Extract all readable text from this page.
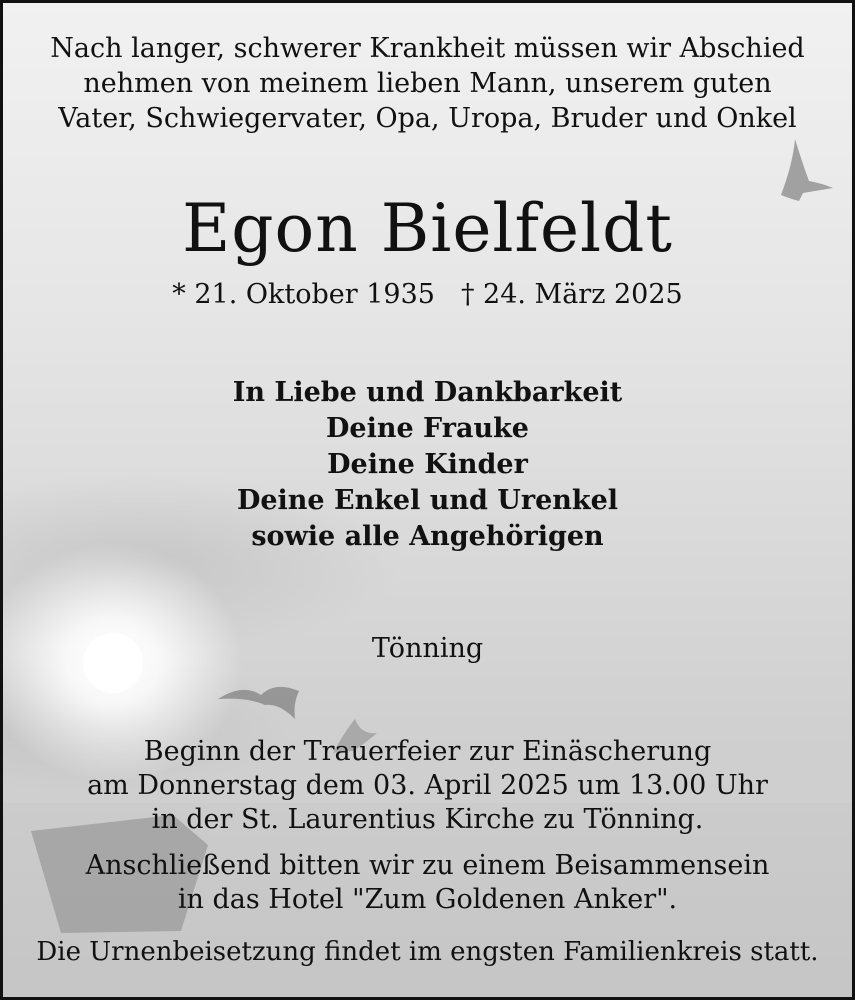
Nach langer, schwerer Krankheit müssen wir Abschied
nehmen von meinem lieben Mann, unserem guten
Vater, Schwiegervater, Opa, Uropa, Bruder und Onkel
Egon Bielfeldt
* 21. Oktober 1935 † 24. März 2025
In Liebe und Dankbarkeit
Deine Frauke
Deine Kinder
Deine Enkel und Urenkel
sowie alle Angehörigen
Tönning
Beginn der Trauerfeier zur Einäscherung
am Donnerstag dem 03. April 2025 um 13.00 Uhr
in der St. Laurentius Kirche zu Tönning.
Anschließend bitten wir zu einem Beisammensein
in das Hotel "Zum Goldenen Anker".
Die Urnenbeisetzung findet im engsten Familienkreis statt.
